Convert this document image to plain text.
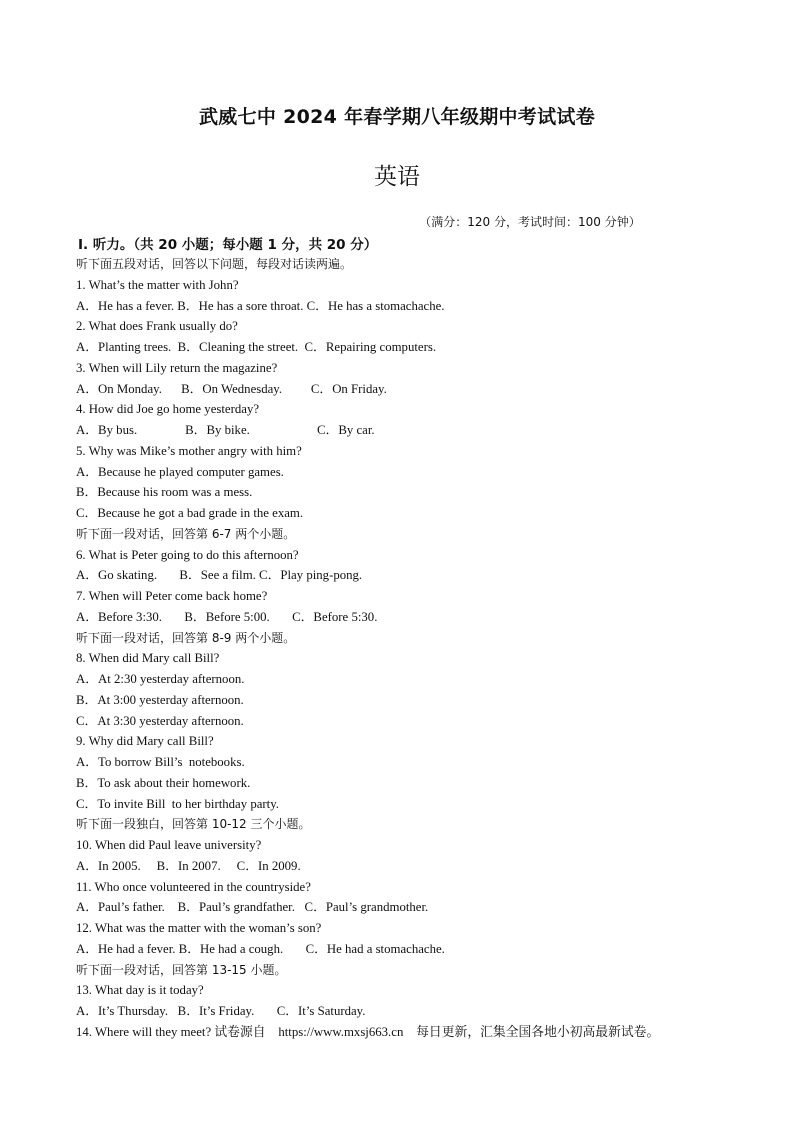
武威七中 2024 年春学期八年级期中考试试卷
英语
（满分：120 分，考试时间：100 分钟）
Ⅰ. 听力。（共 20 小题；每小题 1 分，共 20 分）
听下面五段对话，回答以下问题，每段对话读两遍。
1. What’s the matter with John?
A．He has a fever. B．He has a sore throat. C．He has a stomachache.
2. What does Frank usually do?
A．Planting trees.  B．Cleaning the street.  C．Repairing computers.
3. When will Lily return the magazine?
A．On Monday.      B．On Wednesday.         C．On Friday.
4. How did Joe go home yesterday?
A．By bus.               B．By bike.                     C．By car.
5. Why was Mike’s mother angry with him?
A．Because he played computer games.
B．Because his room was a mess.
C．Because he got a bad grade in the exam.
听下面一段对话，回答第 6-7 两个小题。
6. What is Peter going to do this afternoon?
A．Go skating.       B．See a film. C．Play ping-pong.
7. When will Peter come back home?
A．Before 3:30.       B．Before 5:00.       C．Before 5:30.
听下面一段对话，回答第 8-9 两个小题。
8. When did Mary call Bill?
A．At 2:30 yesterday afternoon.
B．At 3:00 yesterday afternoon.
C．At 3:30 yesterday afternoon.
9. Why did Mary call Bill?
A．To borrow Bill’s  notebooks.
B．To ask about their homework.
C．To invite Bill  to her birthday party.
听下面一段独白，回答第 10-12 三个小题。
10. When did Paul leave university?
A．In 2005.     B．In 2007.     C．In 2009.
11. Who once volunteered in the countryside?
A．Paul’s father.    B．Paul’s grandfather.   C．Paul’s grandmother.
12. What was the matter with the woman’s son?
A．He had a fever. B．He had a cough.       C．He had a stomachache.
听下面一段对话，回答第 13-15 小题。
13. What day is it today?
A．It’s Thursday.   B．It’s Friday.       C．It’s Saturday.
14. Where will they meet? 试卷源自    https://www.mxsj663.cn    每日更新，汇集全国各地小初高最新试卷。
